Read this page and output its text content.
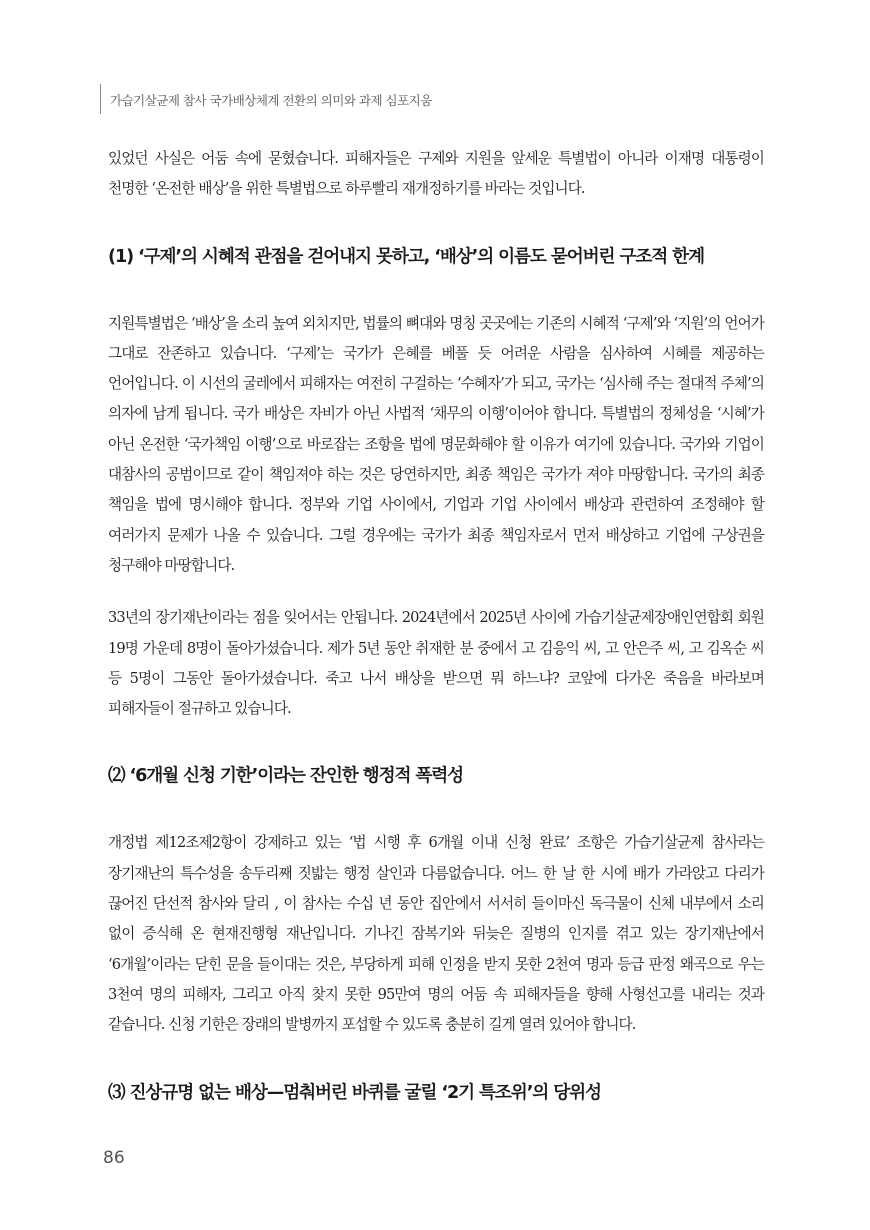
$_{가습기살균제 참사 국가배상체계 전환의 의미와 과제 심포지움}$

있었던 사실은 어둠 속에 묻혔습니다. 피해자들은 구제와 지원을 앞세운 특별법이 아니라 이재명 대통령이 천명한 ‘온전한 배상’을 위한 특별법으로 하루빨리 재개정하기를 바라는 것입니다.

(1) ‘구제’의 시혜적 관점을 걷어내지 못하고, ‘배상’의 이름도 묻어버린 구조적 한계

지원특별법은 ‘배상’을 소리 높여 외치지만, 법률의 뼈대와 명칭 곳곳에는 기존의 시혜적 ‘구제’와 ‘지원’의 언어가 그대로 잔존하고 있습니다. ‘구제’는 국가가 은혜를 베풀 듯 어려운 사람을 심사하여 시혜를 제공하는 언어입니다. 이 시선의 굴레에서 피해자는 여전히 구걸하는 ‘수혜자’가 되고, 국가는 ‘심사해 주는 절대적 주체’의 의자에 남게 됩니다. 국가 배상은 자비가 아닌 사법적 ‘채무의 이행’이어야 합니다. 특별법의 정체성을 ‘시혜’가 아닌 온전한 ‘국가책임 이행’으로 바로잡는 조항을 법에 명문화해야 할 이유가 여기에 있습니다. 국가와 기업이 대참사의 공범이므로 같이 책임져야 하는 것은 당연하지만, 최종 책임은 국가가 져야 마땅합니다. 국가의 최종 책임을 법에 명시해야 합니다. 정부와 기업 사이에서, 기업과 기업 사이에서 배상과 관련하여 조정해야 할 여러가지 문제가 나올 수 있습니다. 그럴 경우에는 국가가 최종 책임자로서 먼저 배상하고 기업에 구상권을 청구해야 마땅합니다.

33년의 장기재난이라는 점을 잊어서는 안됩니다. 2024년에서 2025년 사이에 가습기살균제장애인연합회 회원 19명 가운데 8명이 돌아가셨습니다. 제가 5년 동안 취재한 분 중에서 고 김응익 씨, 고 안은주 씨, 고 김옥순 씨 등 5명이 그동안 돌아가셨습니다. 죽고 나서 배상을 받으면 뭐 하느냐? 코앞에 다가온 죽음을 바라보며 피해자들이 절규하고 있습니다.

⑵ ‘6개월 신청 기한’이라는 잔인한 행정적 폭력성

개정법 제12조제2항이 강제하고 있는 ‘법 시행 후 6개월 이내 신청 완료’ 조항은 가습기살균제 참사라는 장기재난의 특수성을 송두리째 짓밟는 행정 살인과 다름없습니다. 어느 한 날 한 시에 배가 가라앉고 다리가 끊어진 단선적 참사와 달리 , 이 참사는 수십 년 동안 집안에서 서서히 들이마신 독극물이 신체 내부에서 소리 없이 증식해 온 현재진행형 재난입니다. 기나긴 잠복기와 뒤늦은 질병의 인지를 겪고 있는 장기재난에서 ‘6개월’이라는 닫힌 문을 들이대는 것은, 부당하게 피해 인정을 받지 못한 2천여 명과 등급 판정 왜곡으로 우는 3천여 명의 피해자, 그리고 아직 찾지 못한 95만여 명의 어둠 속 피해자들을 향해 사형선고를 내리는 것과 같습니다. 신청 기한은 장래의 발병까지 포섭할 수 있도록 충분히 길게 열려 있어야 합니다.

⑶ 진상규명 없는 배상—멈춰버린 바퀴를 굴릴 ‘2기 특조위’의 당위성
86
